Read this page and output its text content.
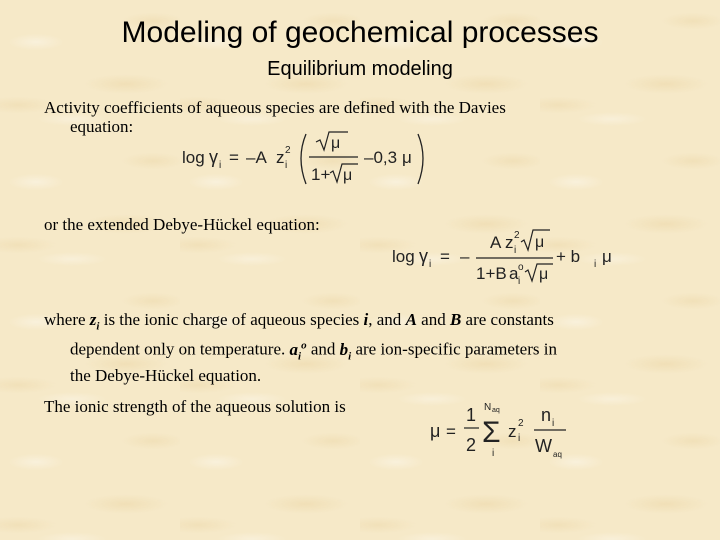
Modeling of geochemical processes
Equilibrium modeling
Activity coefficients of aqueous species are defined with the Davies
equation:
log γ i = –A z 2
i
μ
1+ μ
–0,3 μ
or the extended Debye-Hückel equation:
log γ i = –
A z 2
i μ
1+B a o
i μ
+ b i μ
where $z_i$ is the ionic charge of aqueous species i, and A and B are constants
dependent only on temperature. $a_i^o$ and $b_i$ are ion-specific parameters in
the Debye-Hückel equation.
The ionic strength of the aqueous solution is
μ =
1
2
N aq
Σ
i
z 2
i
n i
W aq
